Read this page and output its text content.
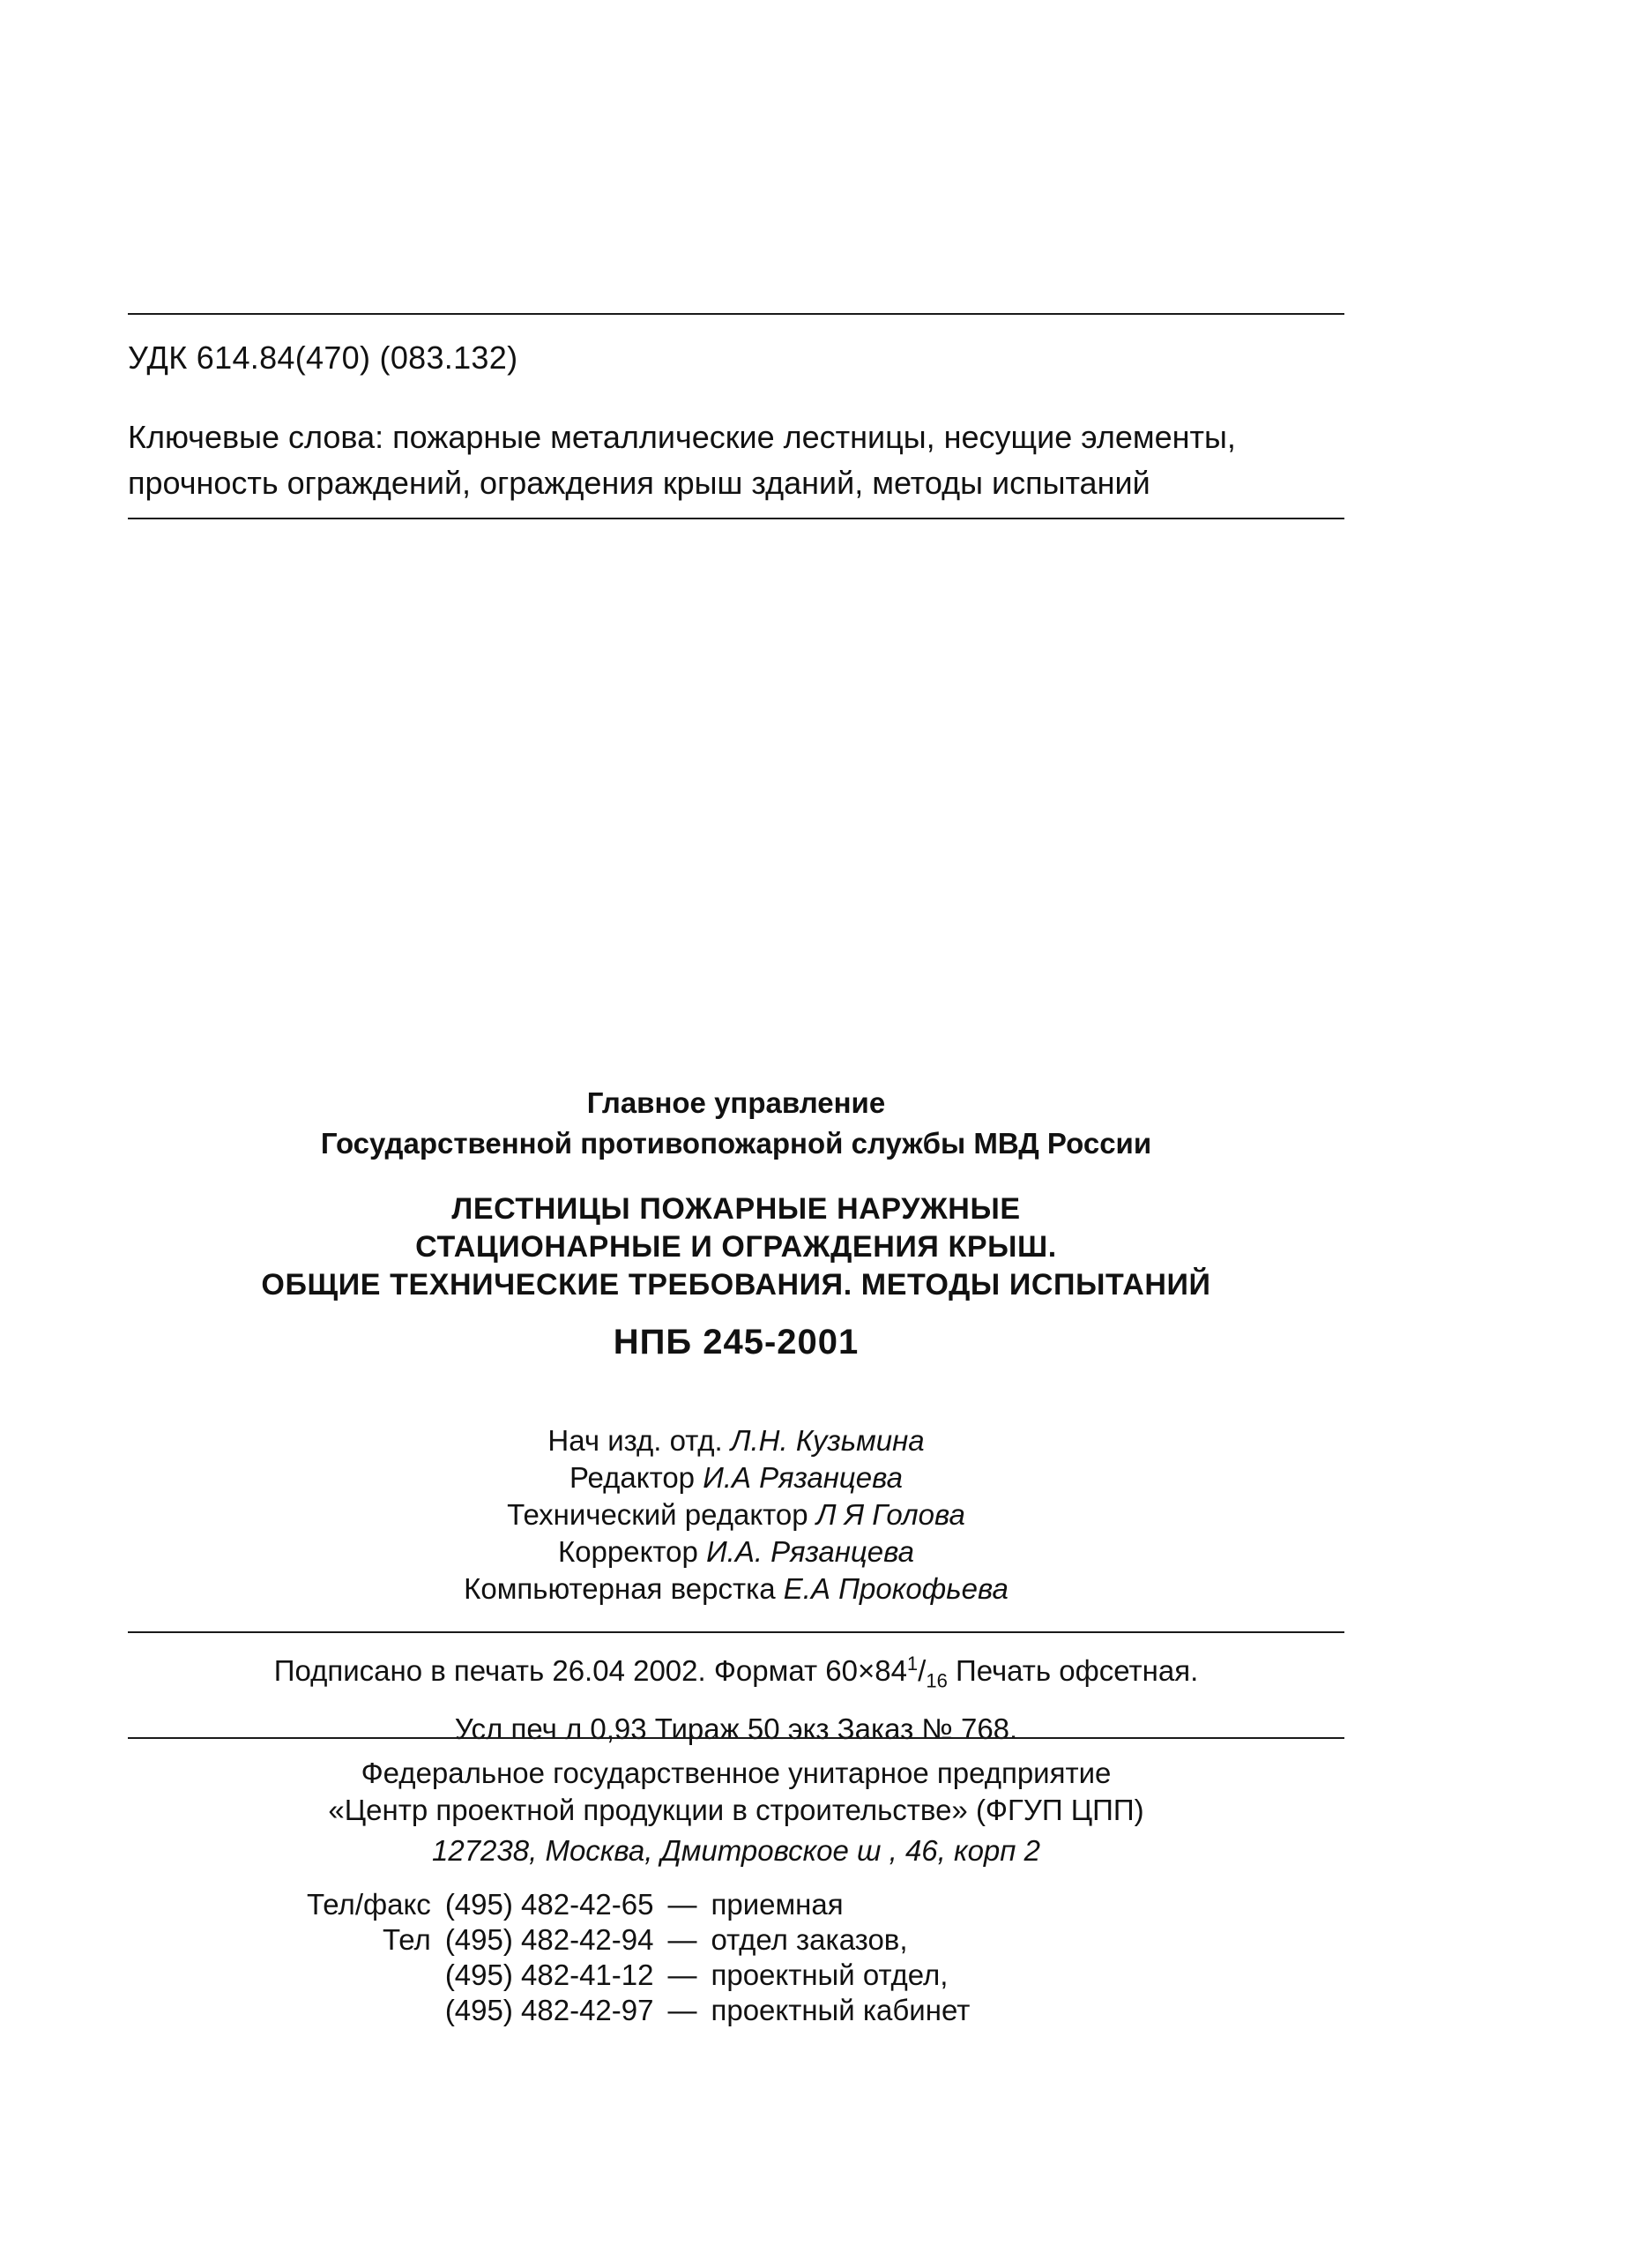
УДК 614.84(470) (083.132)
Ключевые слова: пожарные металлические лестницы, несущие элементы,
прочность ограждений, ограждения крыш зданий, методы испытаний
Главное управление
Государственной противопожарной службы МВД России
ЛЕСТНИЦЫ ПОЖАРНЫЕ НАРУЖНЫЕ
СТАЦИОНАРНЫЕ И ОГРАЖДЕНИЯ КРЫШ.
ОБЩИЕ ТЕХНИЧЕСКИЕ ТРЕБОВАНИЯ. МЕТОДЫ ИСПЫТАНИЙ
НПБ 245-2001
Нач изд. отд. Л.Н. Кузьмина
Редактор И.А Рязанцева
Технический редактор Л Я Голова
Корректор И.А. Рязанцева
Компьютерная верстка Е.А Прокофьева
Подписано в печать 26.04 2002. Формат $60\times 84^1/_{16}$ Печать офсетная.
Усл печ л 0,93 Тираж 50 экз Заказ № 768.
Федеральное государственное унитарное предприятие
«Центр проектной продукции в строительстве» (ФГУП ЦПП)
127238, Москва, Дмитровское ш , 46, корп 2
Тел/факс	(495) 482-42-65	—	приемная
Тел	(495) 482-42-94	—	отдел заказов,
	(495) 482-41-12	—	проектный отдел,
	(495) 482-42-97	—	проектный кабинет
